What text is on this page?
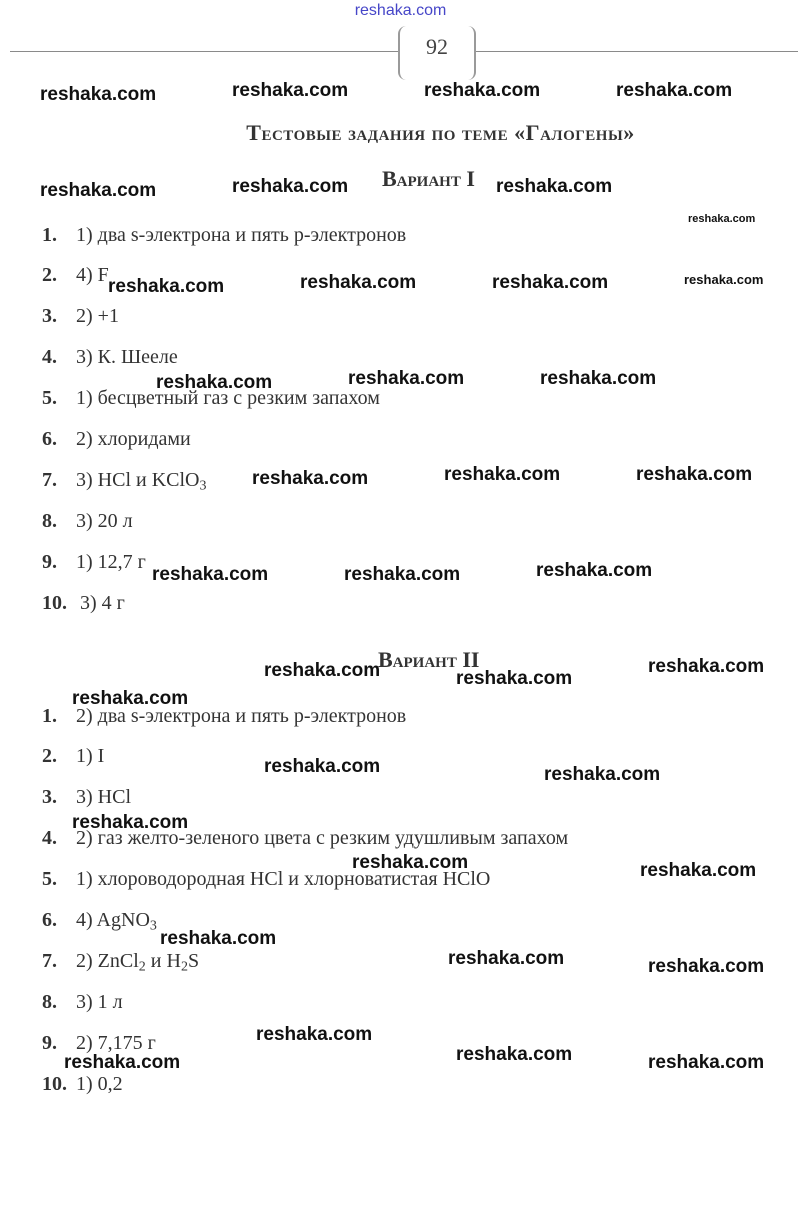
reshaka.com
92
Тестовые задания по теме «Галогены»
Вариант I
1. 1) два s-электрона и пять p-электронов
2. 4) F
3. 2) +1
4. 3) К. Шееле
5. 1) бесцветный газ с резким запахом
6. 2) хлоридами
7. 3) HCl и KClO$_3$
8. 3) 20 л
9. 1) 12,7 г
10. 3) 4 г
Вариант II
1. 2) два s-электрона и пять p-электронов
2. 1) I
3. 3) HCl
4. 2) газ желто-зеленого цвета с резким удушливым запахом
5. 1) хлороводородная HCl и хлорноватистая HClO
6. 4) AgNO$_3$
7. 2) ZnCl$_2$ и $H_2S$
8. 3) 1 л
9. 2) 7,175 г
10. 1) 0,2
reshaka.com	reshaka.com	reshaka.com	reshaka.com
reshaka.com	reshaka.com	reshaka.com
reshaka.com
reshaka.com	reshaka.com	reshaka.com	reshaka.com
reshaka.com	reshaka.com	reshaka.com
reshaka.com	reshaka.com	reshaka.com
reshaka.com	reshaka.com	reshaka.com
reshaka.com	reshaka.com
reshaka.com
reshaka.com
reshaka.com	reshaka.com
reshaka.com
reshaka.com	reshaka.com
reshaka.com
reshaka.com	reshaka.com
reshaka.com
reshaka.com	reshaka.com
reshaka.com
